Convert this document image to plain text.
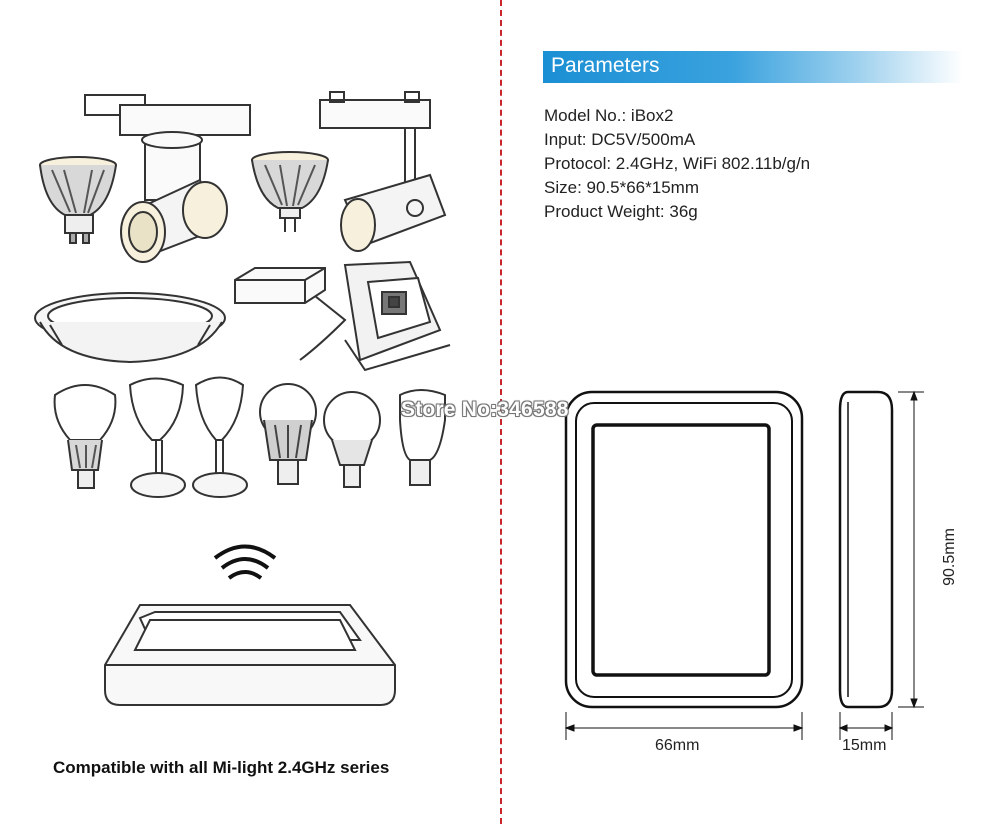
Parameters
Model No.: iBox2
Input: DC5V/500mA
Protocol: 2.4GHz, WiFi 802.11b/g/n
Size: 90.5*66*15mm
Product Weight: 36g
66mm	15mm
90.5mm
Store No:346588
Compatible with all Mi-light 2.4GHz series
